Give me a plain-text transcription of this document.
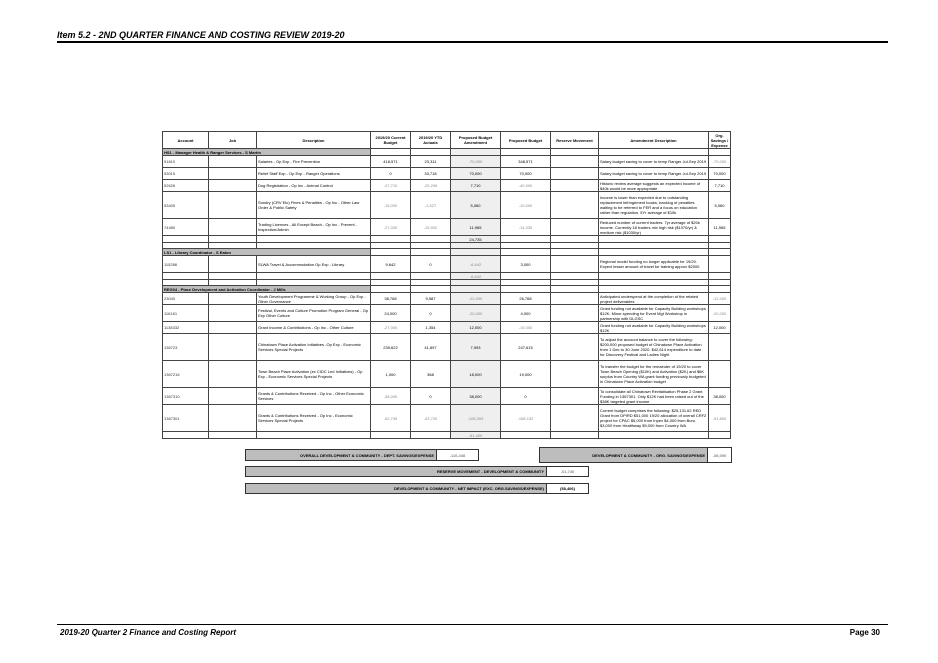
Item 5.2 - 2ND QUARTER FINANCE AND COSTING REVIEW 2019-20
Account	Job	Description	2019/20 Current Budget	2019/20 YTD Actuals	Proposed Budget Amendment	Proposed Budget	Reserve Movement	Amendment Description	Org. Savings / Expense
HS1 - Manager Health & Ranger Services - S Martin									
51610		Salaries - Op Exp - Fire Prevention	418,571	23,311	-70,000	348,571		Salary budget saving to cover to temp Ranger Jul-Sep 2019	-70,000
53015		Relief Staff Exp - Op Exp - Ranger Operations	0	33,718	70,000	70,000		Salary budget saving to cover to temp Ranger Jul-Sep 2019	70,000
52626		Dog Registration - Op Inc - Animal Control	-47,710	-25,208	7,710	-40,000		Historic review average suggests an expected income of $40k would be more appropriate	7,710
53405		Sundry (CRV Etc) Fines & Penalties - Op Inc - Other Law Order & Public Safety	-15,000	-1,527	5,060	-10,000		Income is lower than expected due to outstanding replacement infringement books, backlog of penalties waiting to be referred to FER and a focus on education rather than regulation. 5Yr average of $10k	5,060
74480		Trading Licences - All Except Beach - Op Inc - Prevent - Inspection/Admin	-27,000	-15,902	11,965	-14,035		Reduced number of current traders. 7yr average of $20k income. Currently 18 traders mix high risk ($1070/yr) & medium risk ($1030/yr)	11,965
					24,735				

LS1 - Library Coordinator - S Eaton									
115286		SLWA Travel & Accommodation Op Exp - Library	9,642	0	-6,642	3,000		Regional model funding no longer applicable for 19/20. Expect lesser amount of travel for training approx $2000	
					-6,642				

REG04 - Place Development and Activation Coordinator - J Mills									
23040		Youth Development Programme & Working Group - Op Exp - Other Governance	38,768	9,587	-12,000	26,768		Anticipated underspend at the completion of the related project deliverables	-12,000
116161		Festival, Events and Culture Promotion Program General - Op Exp Other Culture	24,000	0	-20,000	4,000		Grant funding not available for Capacity Building workshops $12K. Minor spending for Event Mgt Workshop in partnership with DLGSC	-20,000
1138332		Grant Income & Contributions - Op Inc - Other Culture	-27,000	1,354	12,000	-15,000		Grant funding not available for Capacity Building workshops $12K	12,000
136723		Chinatown Place Activation Initiatives -Op Exp - Economic Services Special Projects	239,622	41,897	7,993	247,615		To adjust the account balance to cover the following: $200,000 proposed budget of Chinatown Place Activation from 1 Dec to 30 June 2020. $42,614 expenditure to date for Discovery Festival and Ladies Night	
1367216		Town Beach Place Activation (ex CIDC Led Initiatives) - Op Exp - Economic Services Special Projects	1,000	368	18,000	19,000		To transfer the budget for the remainder of 19/20 to cover Town Beach Opening ($10K) and Activation ($2K) and $6K surplus from Country WA grant funding previously budgeted in Chinatown Place Activation budget	
1367310		Grants & Contributions Received - Op Inc - Other Economic Services	-38,000	0	38,000	0		To consolidate all Chinatown Revitalisation Phase 2 Grant Funding in 1367301. Only $12K had been raised out of the $38K targeted grant income	38,000
1367301		Grants & Contributions Received - Op Inc - Economic Services Special Projects	-52,739	-43,720	-105,393	-158,132		Current budget comprises the following: $25,131.62 RED Grant from DPIRD $51,000 19/20 allocation of overall CRF2 project for CPAC $5,000 from Inpex $4,000 from Buru $3,000 from Healthway $9,000 from Country WA	-91,800
					-61,400				
OVERALL DEVELOPMENT & COMMUNITY - DEPT. SAVINGS/EXPENSE	-116,448	DEVELOPMENT & COMMUNITY - ORG. SAVINGS/EXPENSE	-58,000
RESERVE MOVEMENT - DEVELOPMENT & COMMUNITY	-61,740
DEVELOPMENT & COMMUNITY - NET IMPACT (EXC. ORG.SAVINGS/EXPENSE)	(58,406)
2019-20 Quarter 2 Finance and Costing Report	Page 30
